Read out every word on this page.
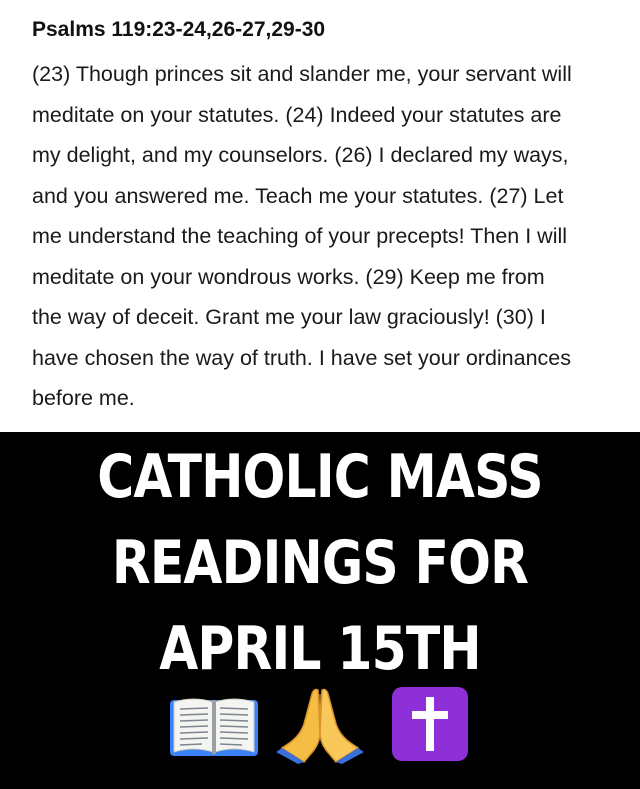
Psalms 119:23-24,26-27,29-30
(23) Though princes sit and slander me, your servant will
meditate on your statutes. (24) Indeed your statutes are
my delight, and my counselors. (26) I declared my ways,
and you answered me. Teach me your statutes. (27) Let
me understand the teaching of your precepts! Then I will
meditate on your wondrous works. (29) Keep me from
the way of deceit. Grant me your law graciously! (30) I
have chosen the way of truth. I have set your ordinances
before me.
CATHOLIC MASS
READINGS FOR
APRIL 15TH
